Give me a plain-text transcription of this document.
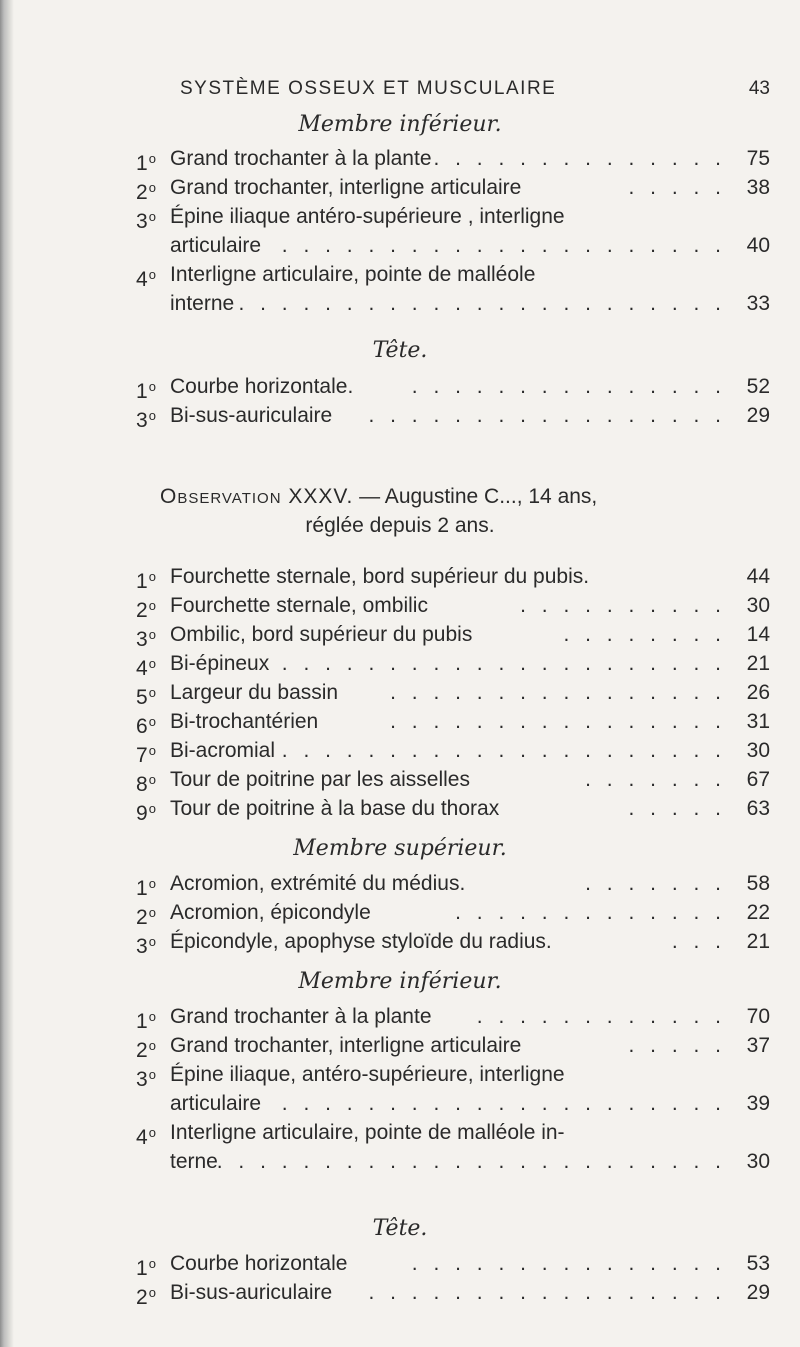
SYSTÈME OSSEUX ET MUSCULAIRE	43
Membre inférieur.
1$^o$ Grand trochanter à la plante . . . . . . . . . . . . . . 75
2$^o$ Grand trochanter, interligne articulaire	. . . . . 38
3$^o$ Épine iliaque antéro-supérieure , interligne
articulaire . . . . . . . . . . . . . . . . . . . . . 40
4$^o$ Interligne articulaire, pointe de malléole
interne . . . . . . . . . . . . . . . . . . . . . . . 33
Tête.
1$^o$ Courbe horizontale.	. . . . . . . . . . . . . . . 52
3$^o$ Bi-sus-auriculaire . . . . . . . . . . . . . . . . . 29
Observation XXXV. — Augustine C..., 14 ans,
réglée depuis 2 ans.
1$^o$ Fourchette sternale, bord supérieur du pubis.	44
2$^o$ Fourchette sternale, ombilic	. . . . . . . . . . 30
3$^o$ Ombilic, bord supérieur du pubis	. . . . . . . . 14
4$^o$ Bi-épineux . . . . . . . . . . . . . . . . . . . . . 21
5$^o$ Largeur du bassin . . . . . . . . . . . . . . . . 26
6$^o$ Bi-trochantérien	. . . . . . . . . . . . . . . . 31
7$^o$ Bi-acromial . . . . . . . . . . . . . . . . . . . . . 30
8$^o$ Tour de poitrine par les aisselles	. . . . . . . 67
9$^o$ Tour de poitrine à la base du thorax	. . . . . 63
Membre supérieur.
1$^o$ Acromion, extrémité du médius.	. . . . . . . 58
2$^o$ Acromion, épicondyle	. . . . . . . . . . . . . 22
3$^o$ Épicondyle, apophyse styloïde du radius.	. . . 21
Membre inférieur.
1$^o$ Grand trochanter à la plante . . . . . . . . . . . . 70
2$^o$ Grand trochanter, interligne articulaire	. . . . . 37
3$^o$ Épine iliaque, antéro-supérieure, interligne
articulaire . . . . . . . . . . . . . . . . . . . . . 39
4$^o$ Interligne articulaire, pointe de malléole in-
terne
. . . . . . . . . . . . . . . . . . . . . . . . 30
Tête.
1$^o$ Courbe horizontale	. . . . . . . . . . . . . . . 53
2$^o$ Bi-sus-auriculaire . . . . . . . . . . . . . . . . . 29
